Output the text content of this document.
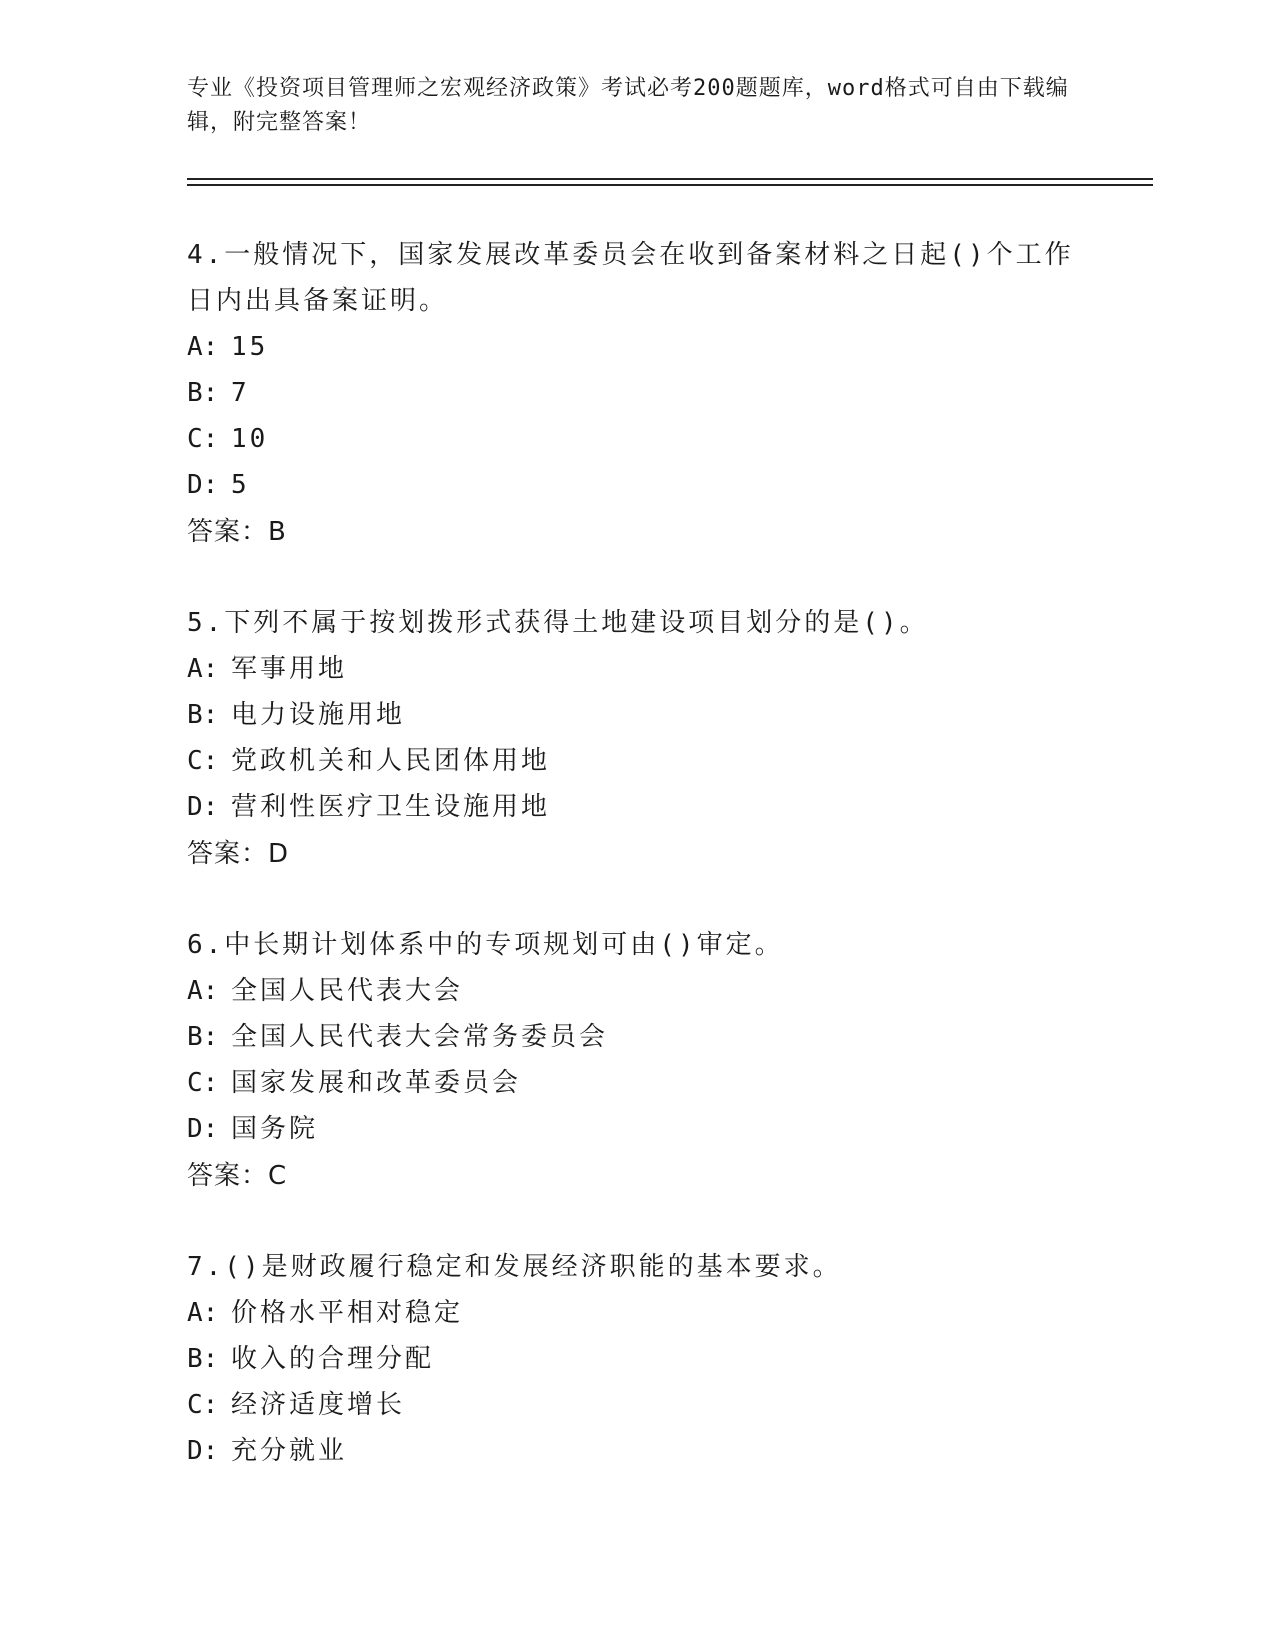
专业《投资项目管理师之宏观经济政策》考试必考200题题库，word格式可自由下载编辑，附完整答案！
4.一般情况下，国家发展改革委员会在收到备案材料之日起()个工作日内出具备案证明。
A: 15
B: 7
C: 10
D: 5
答案：B
5.下列不属于按划拨形式获得土地建设项目划分的是()。
A: 军事用地
B: 电力设施用地
C: 党政机关和人民团体用地
D: 营利性医疗卫生设施用地
答案：D
6.中长期计划体系中的专项规划可由()审定。
A: 全国人民代表大会
B: 全国人民代表大会常务委员会
C: 国家发展和改革委员会
D: 国务院
答案：C
7.()是财政履行稳定和发展经济职能的基本要求。
A: 价格水平相对稳定
B: 收入的合理分配
C: 经济适度增长
D: 充分就业
